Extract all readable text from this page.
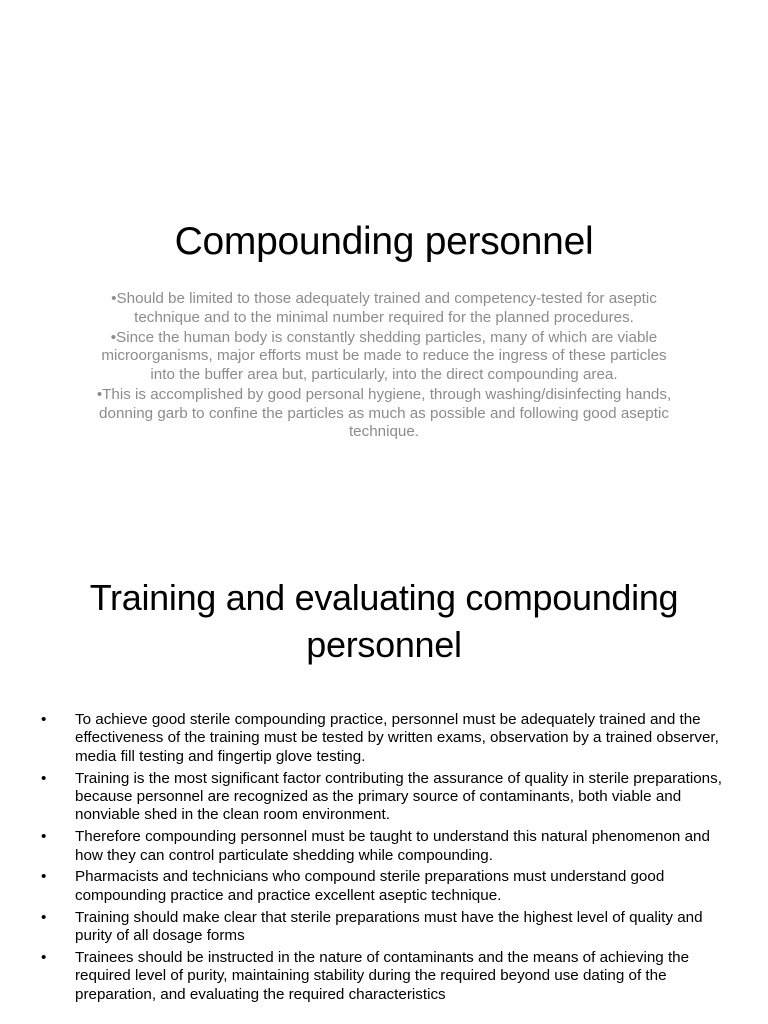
Compounding personnel

•Should be limited to those adequately trained and competency-tested for aseptic technique and to the minimal number required for the planned procedures.

•Since the human body is constantly shedding particles, many of which are viable microorganisms, major efforts must be made to reduce the ingress of these particles into the buffer area but, particularly, into the direct compounding area.

•This is accomplished by good personal hygiene, through washing/disinfecting hands, donning garb to confine the particles as much as possible and following good aseptic technique.

Training and evaluating compounding personnel
• To achieve good sterile compounding practice, personnel must be adequately trained and the effectiveness of the training must be tested by written exams, observation by a trained observer, media fill testing and fingertip glove testing.
• Training is the most significant factor contributing the assurance of quality in sterile preparations, because personnel are recognized as the primary source of contaminants, both viable and nonviable shed in the clean room environment.
• Therefore compounding personnel must be taught to understand this natural phenomenon and how they can control particulate shedding while compounding.
• Pharmacists and technicians who compound sterile preparations must understand good compounding practice and practice excellent aseptic technique.
• Training should make clear that sterile preparations must have the highest level of quality and purity of all dosage forms
• Trainees should be instructed in the nature of contaminants and the means of achieving the required level of purity, maintaining stability during the required beyond use dating of the preparation, and evaluating the required characteristics
